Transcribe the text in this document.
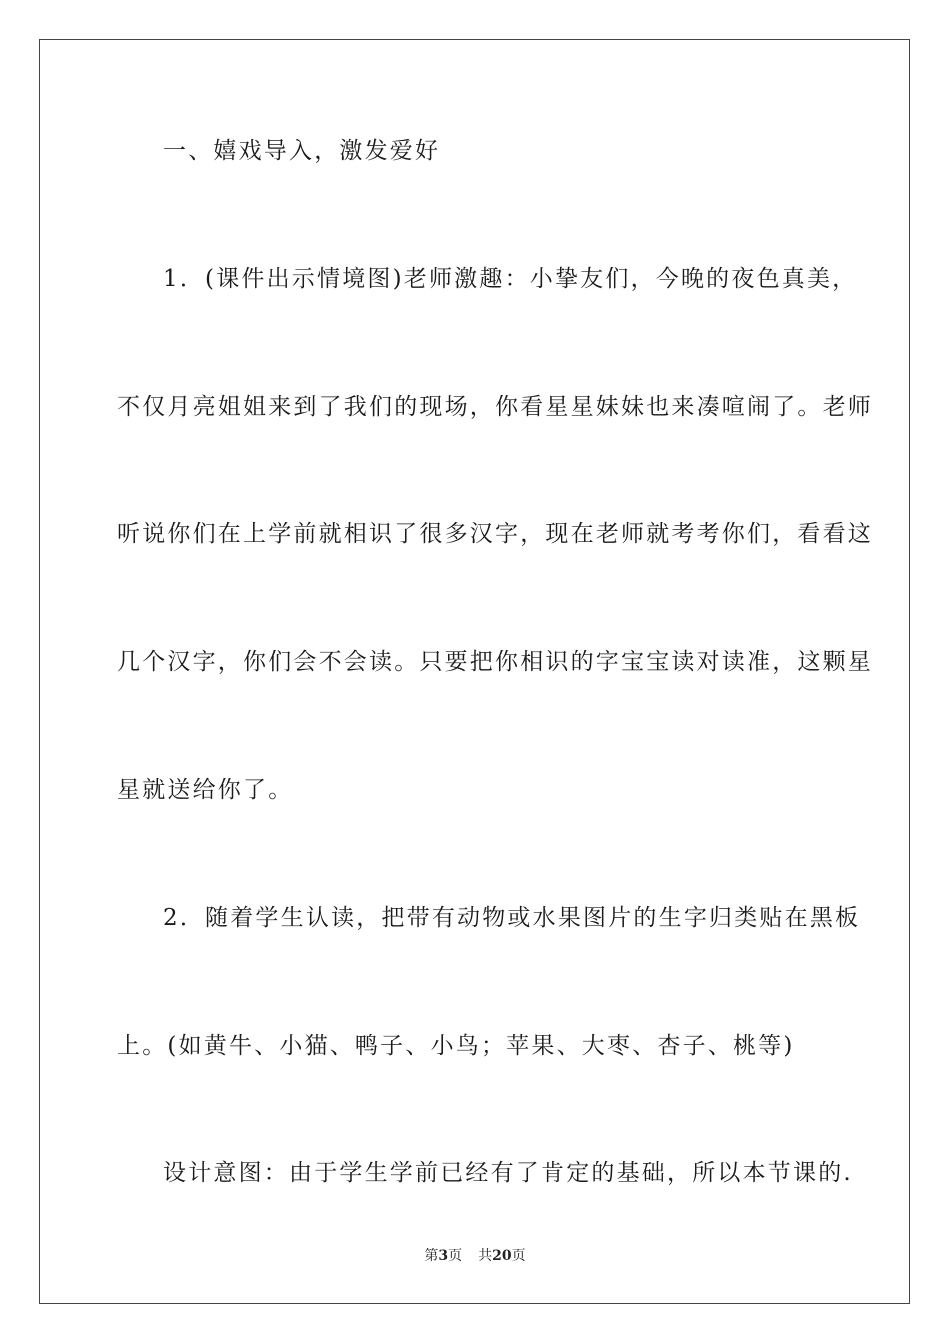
一、嬉戏导入，激发爱好
1．(课件出示情境图)老师激趣：小挚友们，今晚的夜色真美，
不仅月亮姐姐来到了我们的现场，你看星星妹妹也来凑喧闹了。老师
听说你们在上学前就相识了很多汉字，现在老师就考考你们，看看这
几个汉字，你们会不会读。只要把你相识的字宝宝读对读准，这颗星
星就送给你了。
2．随着学生认读，把带有动物或水果图片的生字归类贴在黑板
上。(如黄牛、小猫、鸭子、小鸟；苹果、大枣、杏子、桃等)
设计意图：由于学生学前已经有了肯定的基础，所以本节课的.
第3页 共20页
